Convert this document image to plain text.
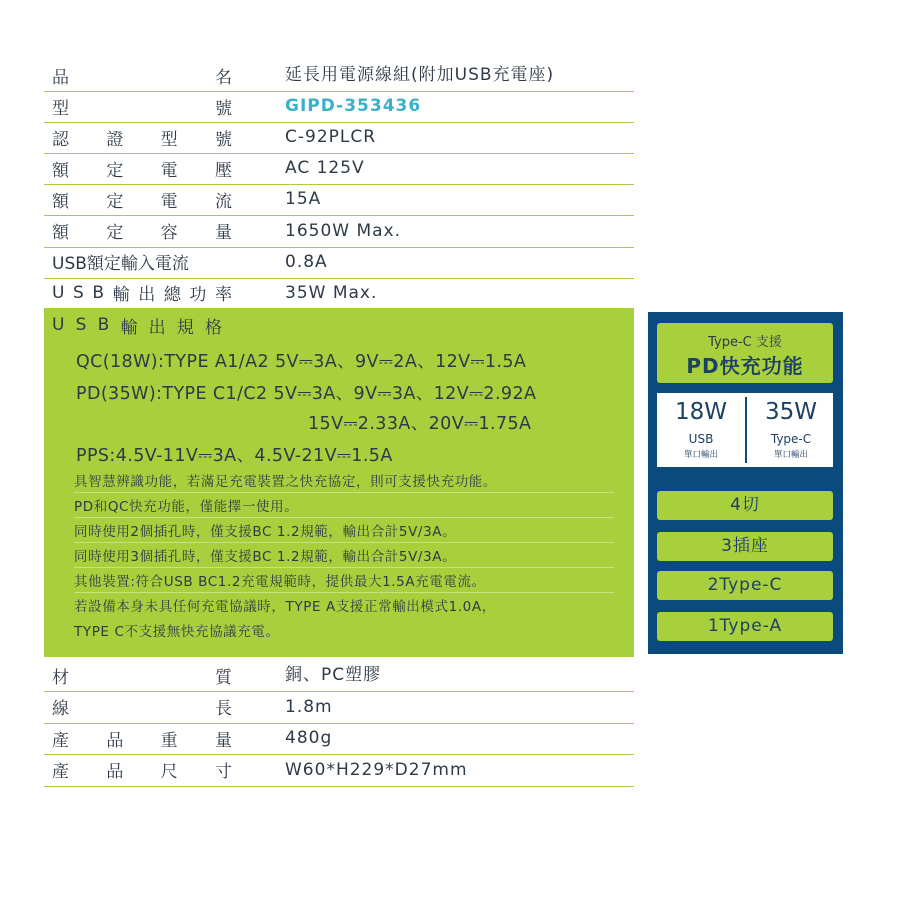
品	名	延長用電源線組(附加USB充電座)
型	號	GIPD-353436
認 證 型 號	C-92PLCR
額 定 電 壓	AC 125V
額 定 電 流	15A
額 定 容 量	1650W Max.
USB額定輸入電流	0.8A
U S B 輸 出 總 功 率	35W Max.
U S B 輸 出 規 格
QC(18W):TYPE A1/A2 5V⎓3A、9V⎓2A、12V⎓1.5A
PD(35W):TYPE C1/C2 5V⎓3A、9V⎓3A、12V⎓2.92A
15V⎓2.33A、20V⎓1.75A
PPS:4.5V-11V⎓3A、4.5V-21V⎓1.5A
具智慧辨識功能，若滿足充電裝置之快充協定，則可支援快充功能。
PD和QC快充功能，僅能擇一使用。
同時使用2個插孔時，僅支援BC 1.2規範，輸出合計5V/3A。
同時使用3個插孔時，僅支援BC 1.2規範，輸出合計5V/3A。
其他裝置:符合USB BC1.2充電規範時，提供最大1.5A充電電流。
若設備本身未具任何充電協議時，TYPE A支援正常輸出模式1.0A，
TYPE C不支援無快充協議充電。
材	質	銅、PC塑膠
線	長	1.8m
產 品 重 量	480g
產 品 尺 寸	W60*H229*D27mm
Type-C 支援
PD快充功能
18W
USB
單口輸出
35W
Type-C
單口輸出
4切
3插座
2Type-C
1Type-A
